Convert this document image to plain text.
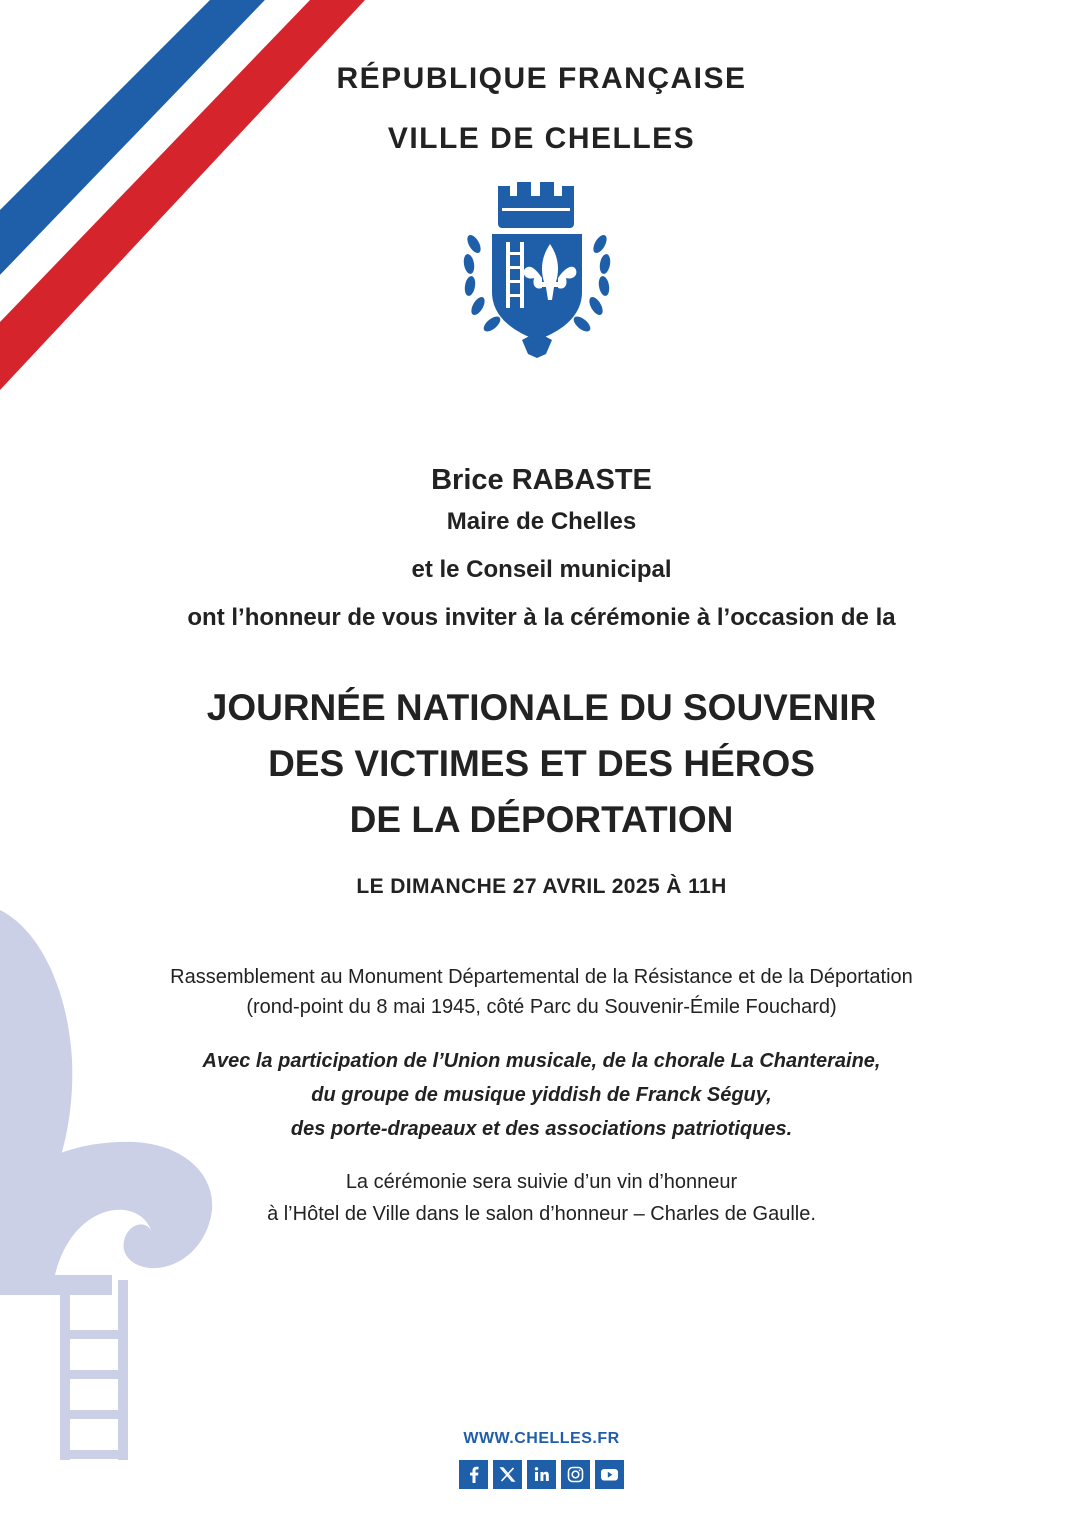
RÉPUBLIQUE FRANÇAISE
VILLE DE CHELLES
Brice RABASTE
Maire de Chelles
et le Conseil municipal
ont l’honneur de vous inviter à la cérémonie à l’occasion de la
JOURNÉE NATIONALE DU SOUVENIR
DES VICTIMES ET DES HÉROS
DE LA DÉPORTATION
LE DIMANCHE 27 AVRIL 2025 À 11H
Rassemblement au Monument Départemental de la Résistance et de la Déportation
(rond-point du 8 mai 1945, côté Parc du Souvenir-Émile Fouchard)
Avec la participation de l’Union musicale, de la chorale La Chanteraine,
du groupe de musique yiddish de Franck Séguy,
des porte-drapeaux et des associations patriotiques.
La cérémonie sera suivie d’un vin d’honneur
à l’Hôtel de Ville dans le salon d’honneur – Charles de Gaulle.
WWW.CHELLES.FR
